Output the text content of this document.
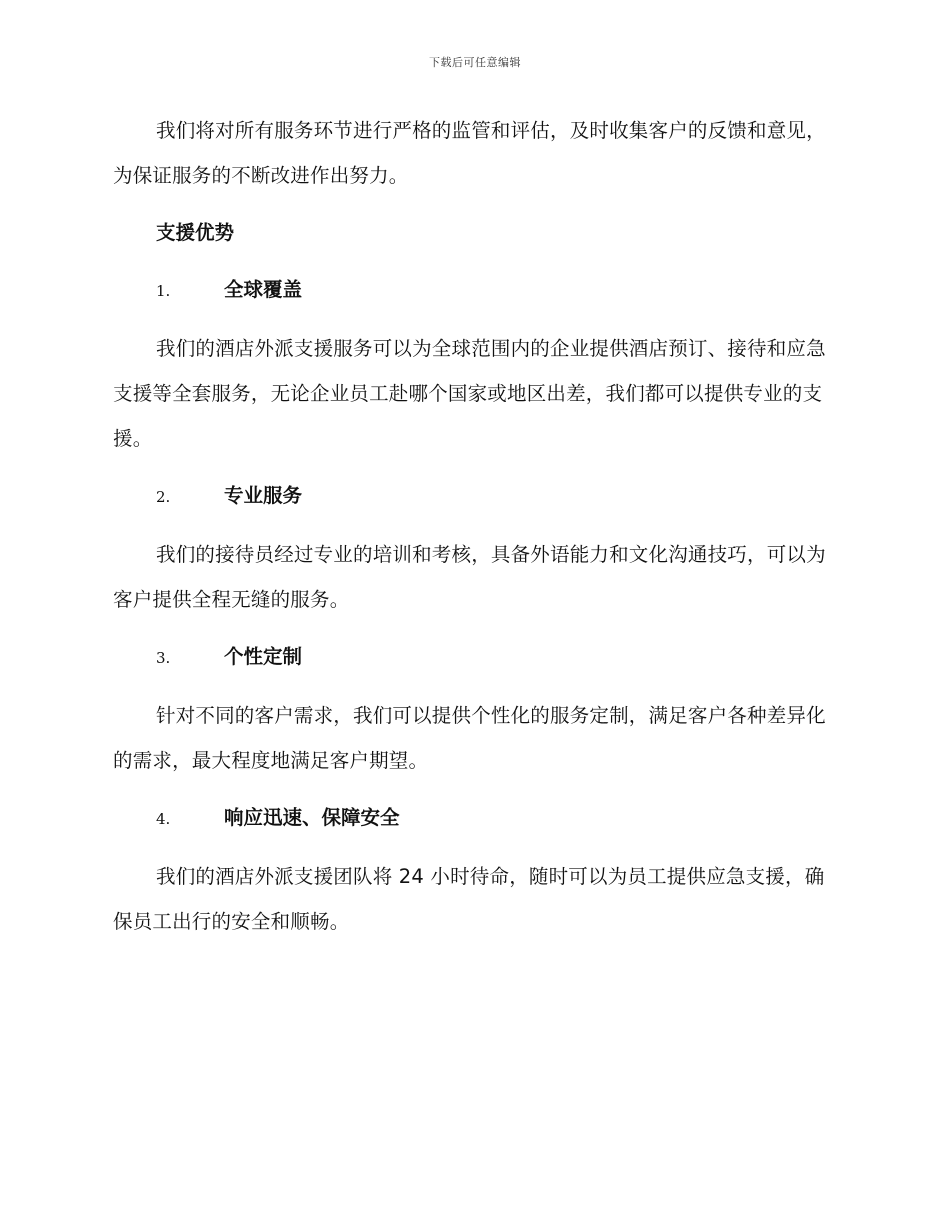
下载后可任意编辑

我们将对所有服务环节进行严格的监管和评估，及时收集客户的反馈和意见，为保证服务的不断改进作出努力。

支援优势
1.	全球覆盖

我们的酒店外派支援服务可以为全球范围内的企业提供酒店预订、接待和应急支援等全套服务，无论企业员工赴哪个国家或地区出差，我们都可以提供专业的支援。

2.	专业服务

我们的接待员经过专业的培训和考核，具备外语能力和文化沟通技巧，可以为客户提供全程无缝的服务。

3.	个性定制

针对不同的客户需求，我们可以提供个性化的服务定制，满足客户各种差异化的需求，最大程度地满足客户期望。

4.	响应迅速、保障安全

我们的酒店外派支援团队将 24 小时待命，随时可以为员工提供应急支援，确保员工出行的安全和顺畅。
